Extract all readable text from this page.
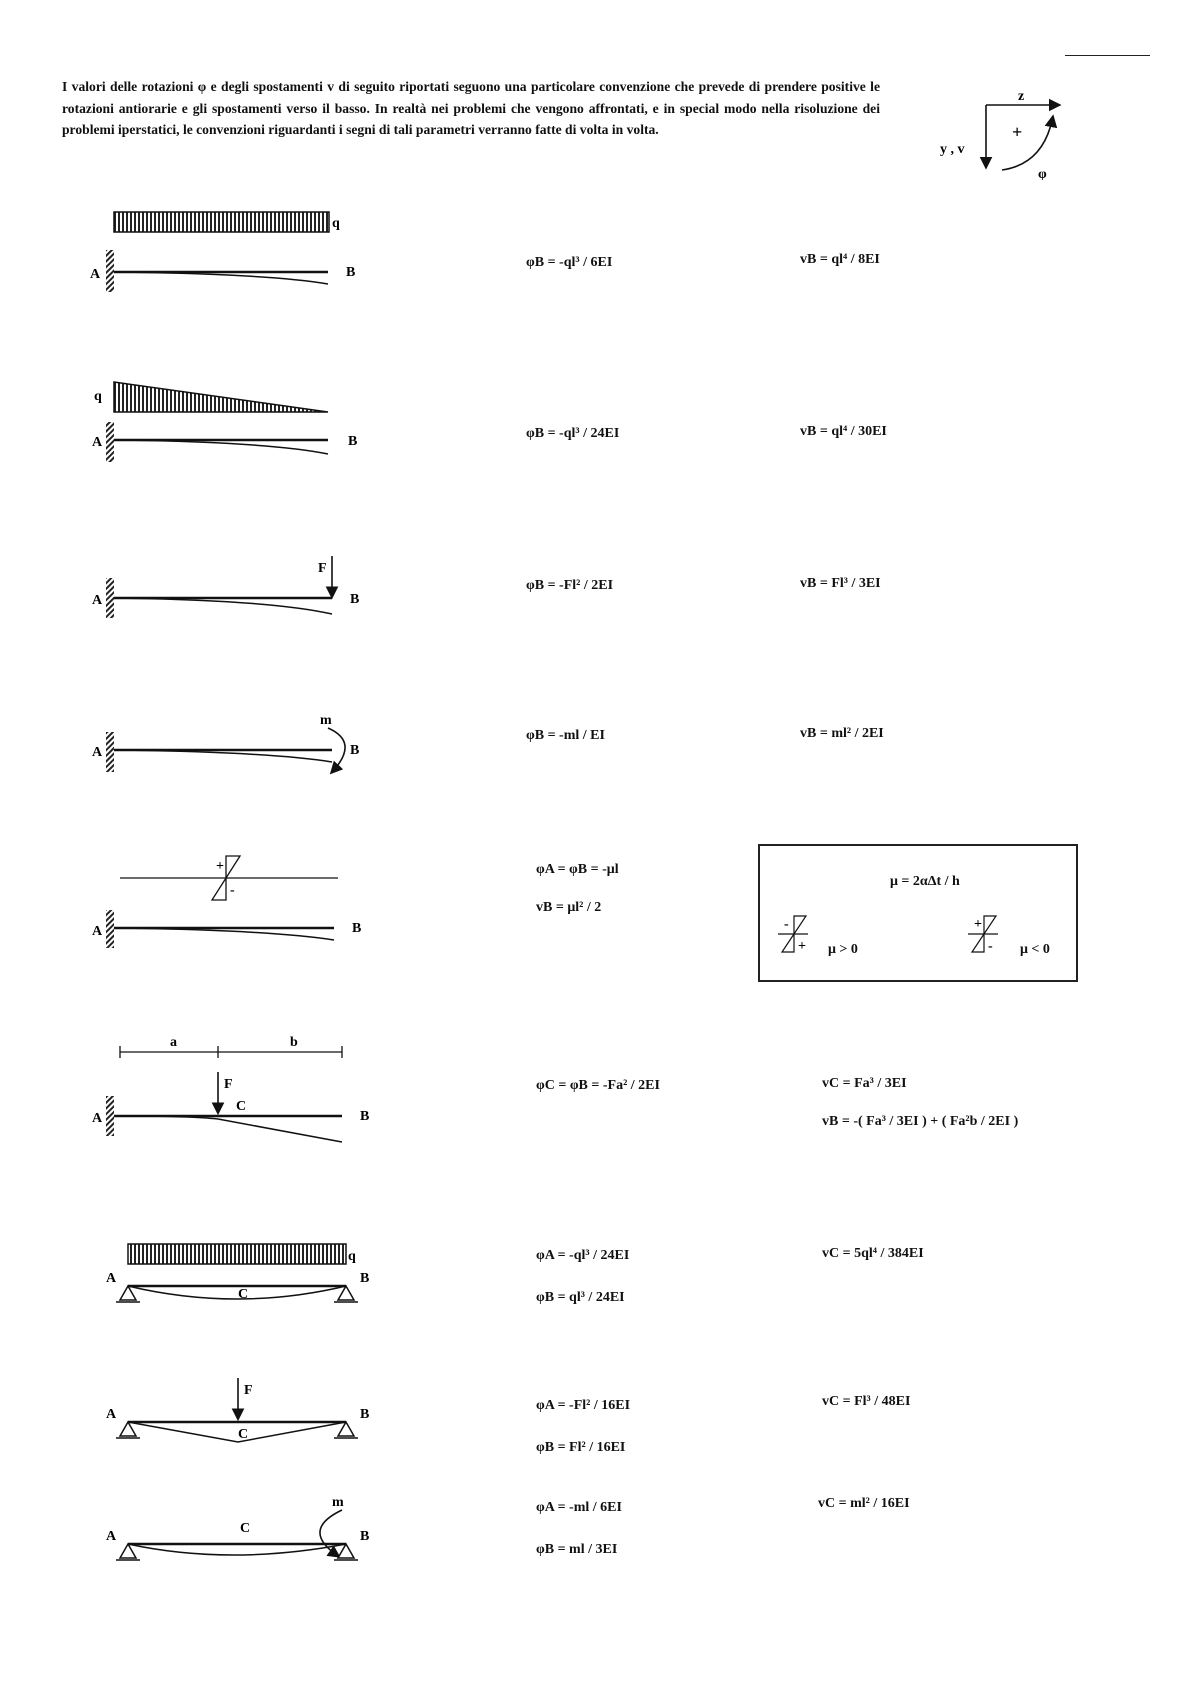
I valori delle rotazioni φ e degli spostamenti v di seguito riportati seguono una particolare convenzione che prevede di prendere positive le rotazioni antiorarie e gli spostamenti verso il basso. In realtà nei problemi che vengono affrontati, e in special modo nella risoluzione dei problemi iperstatici, le convenzioni riguardanti i segni di tali parametri verranno fatte di volta in volta.
z
y , v
+
φ
q
A	B
q
A	B
F
A	B
m
A	B
+
-
A	B
a	b
F
C
A	B
q
A	B
C
F
A	B
C
m
A	B
C
φB = -ql³ / 6EI	vB = ql⁴ / 8EI
φB = -ql³ / 24EI	vB = ql⁴ / 30EI
φB = -Fl² / 2EI	vB = Fl³ / 3EI
φB = -ml / EI	vB = ml² / 2EI
φA = φB = -μl
vB = μl² / 2
μ = 2αΔt / h
-
+
+
-
μ > 0	μ < 0
φC = φB = -Fa² / 2EI	vC = Fa³ / 3EI
vB = -( Fa³ / 3EI ) + ( Fa²b / 2EI )
φA = -ql³ / 24EI
φB = ql³ / 24EI
vC = 5ql⁴ / 384EI
φA = -Fl² / 16EI
φB = Fl² / 16EI
vC = Fl³ / 48EI
φA = -ml / 6EI
φB = ml / 3EI
vC = ml² / 16EI
